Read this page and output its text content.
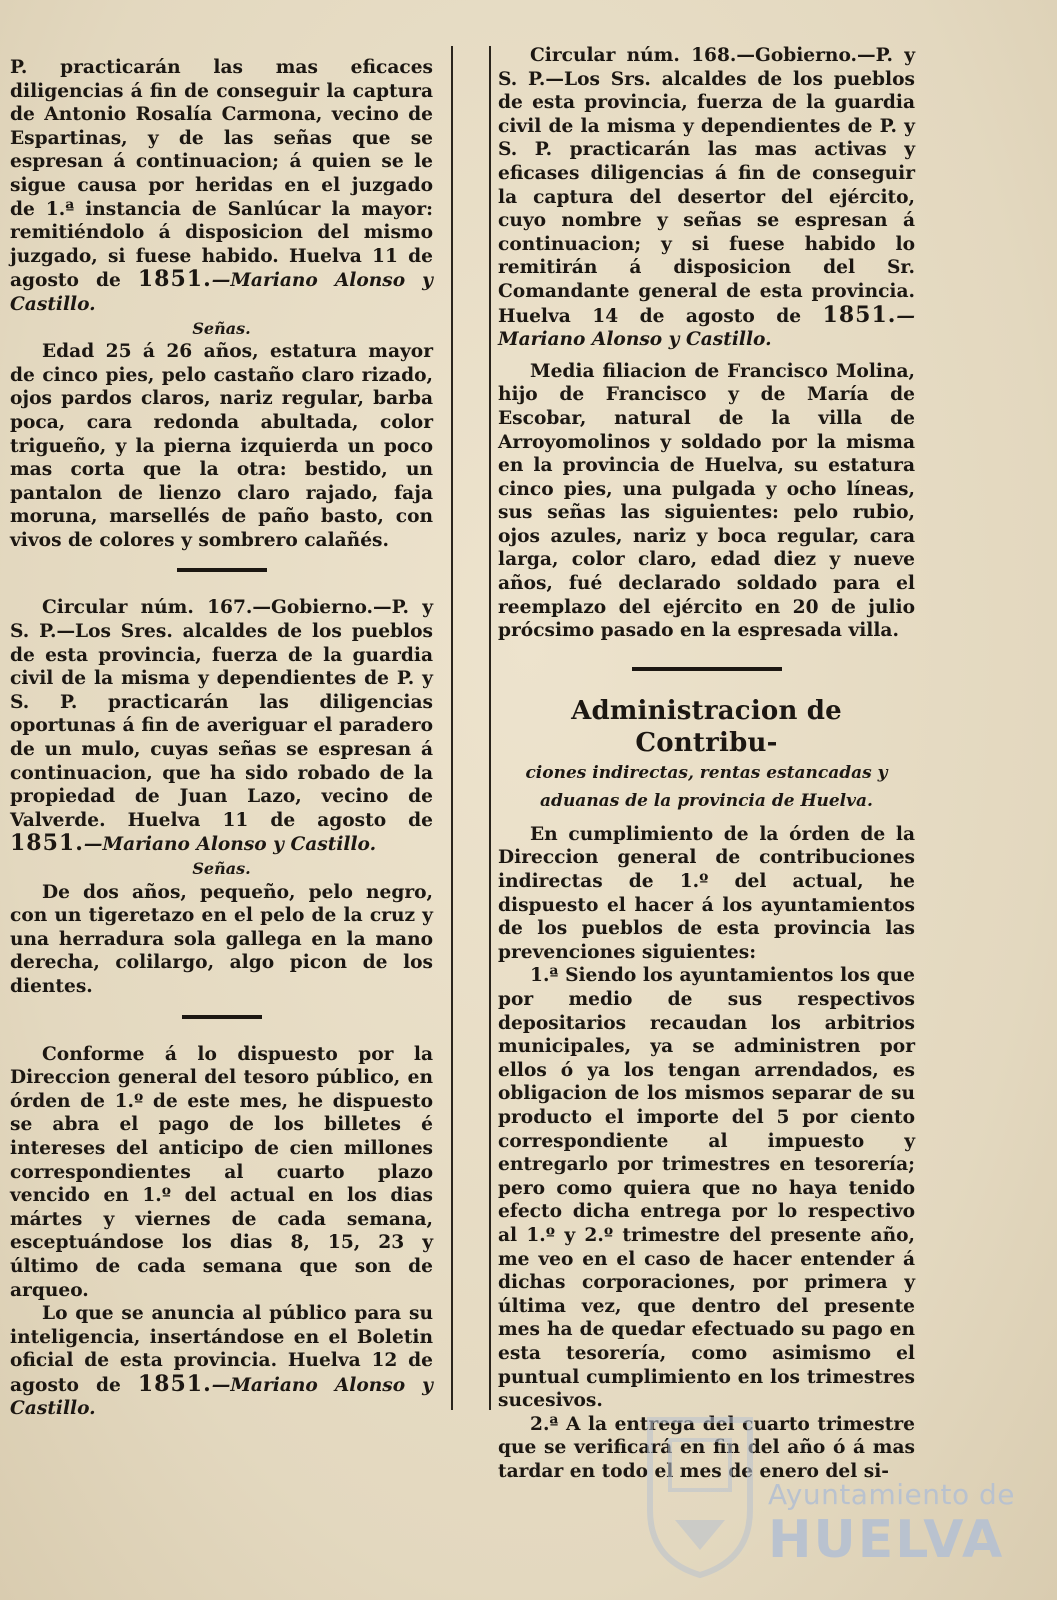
P. practicarán las mas eficaces diligencias á fin de conseguir la captura de Antonio Rosalía Carmona, vecino de Espartinas, y de las señas que se espresan á continuacion; á quien se le sigue causa por heridas en el juzgado de 1.ª instancia de Sanlúcar la mayor: remitiéndolo á disposicion del mismo juzgado, si fuese habido. Huelva 11 de agosto de 1851.—Mariano Alonso y Castillo.

Señas.

Edad 25 á 26 años, estatura mayor de cinco pies, pelo castaño claro rizado, ojos pardos claros, nariz regular, barba poca, cara redonda abultada, color trigueño, y la pierna izquierda un poco mas corta que la otra: bestido, un pantalon de lienzo claro rajado, faja moruna, marsellés de paño basto, con vivos de colores y sombrero calañés.

Circular núm. 167.—Gobierno.—P. y S. P.—Los Sres. alcaldes de los pueblos de esta provincia, fuerza de la guardia civil de la misma y dependientes de P. y S. P. practicarán las diligencias oportunas á fin de averiguar el paradero de un mulo, cuyas señas se espresan á continuacion, que ha sido robado de la propiedad de Juan Lazo, vecino de Valverde. Huelva 11 de agosto de 1851.—Mariano Alonso y Castillo.

Señas.

De dos años, pequeño, pelo negro, con un tigeretazo en el pelo de la cruz y una herradura sola gallega en la mano derecha, colilargo, algo picon de los dientes.

Conforme á lo dispuesto por la Direccion general del tesoro público, en órden de 1.º de este mes, he dispuesto se abra el pago de los billetes é intereses del anticipo de cien millones correspondientes al cuarto plazo vencido en 1.º del actual en los dias mártes y viernes de cada semana, esceptuándose los dias 8, 15, 23 y último de cada semana que son de arqueo.

Lo que se anuncia al público para su inteligencia, insertándose en el Boletin oficial de esta provincia. Huelva 12 de agosto de 1851.—Mariano Alonso y Castillo.

Circular núm. 168.—Gobierno.—P. y S. P.—Los Srs. alcaldes de los pueblos de esta provincia, fuerza de la guardia civil de la misma y dependientes de P. y S. P. practicarán las mas activas y eficases diligencias á fin de conseguir la captura del desertor del ejército, cuyo nombre y señas se espresan á continuacion; y si fuese habido lo remitirán á disposicion del Sr. Comandante general de esta provincia. Huelva 14 de agosto de 1851.—Mariano Alonso y Castillo.

Media filiacion de Francisco Molina, hijo de Francisco y de María de Escobar, natural de la villa de Arroyomolinos y soldado por la misma en la provincia de Huelva, su estatura cinco pies, una pulgada y ocho líneas, sus señas las siguientes: pelo rubio, ojos azules, nariz y boca regular, cara larga, color claro, edad diez y nueve años, fué declarado soldado para el reemplazo del ejército en 20 de julio prócsimo pasado en la espresada villa.

Administracion de Contribu-

ciones indirectas, rentas estancadas y

aduanas de la provincia de Huelva.

En cumplimiento de la órden de la Direccion general de contribuciones indirectas de 1.º del actual, he dispuesto el hacer á los ayuntamientos de los pueblos de esta provincia las prevenciones siguientes:

1.ª Siendo los ayuntamientos los que por medio de sus respectivos depositarios recaudan los arbitrios municipales, ya se administren por ellos ó ya los tengan arrendados, es obligacion de los mismos separar de su producto el importe del 5 por ciento correspondiente al impuesto y entregarlo por trimestres en tesorería; pero como quiera que no haya tenido efecto dicha entrega por lo respectivo al 1.º y 2.º trimestre del presente año, me veo en el caso de hacer entender á dichas corporaciones, por primera y última vez, que dentro del presente mes ha de quedar efectuado su pago en esta tesorería, como asimismo el puntual cumplimiento en los trimestres sucesivos.

2.ª A la entrega del cuarto trimestre que se verificará en fin del año ó á mas tardar en todo el mes de enero del si-

Ayuntamiento de
HUELVA
